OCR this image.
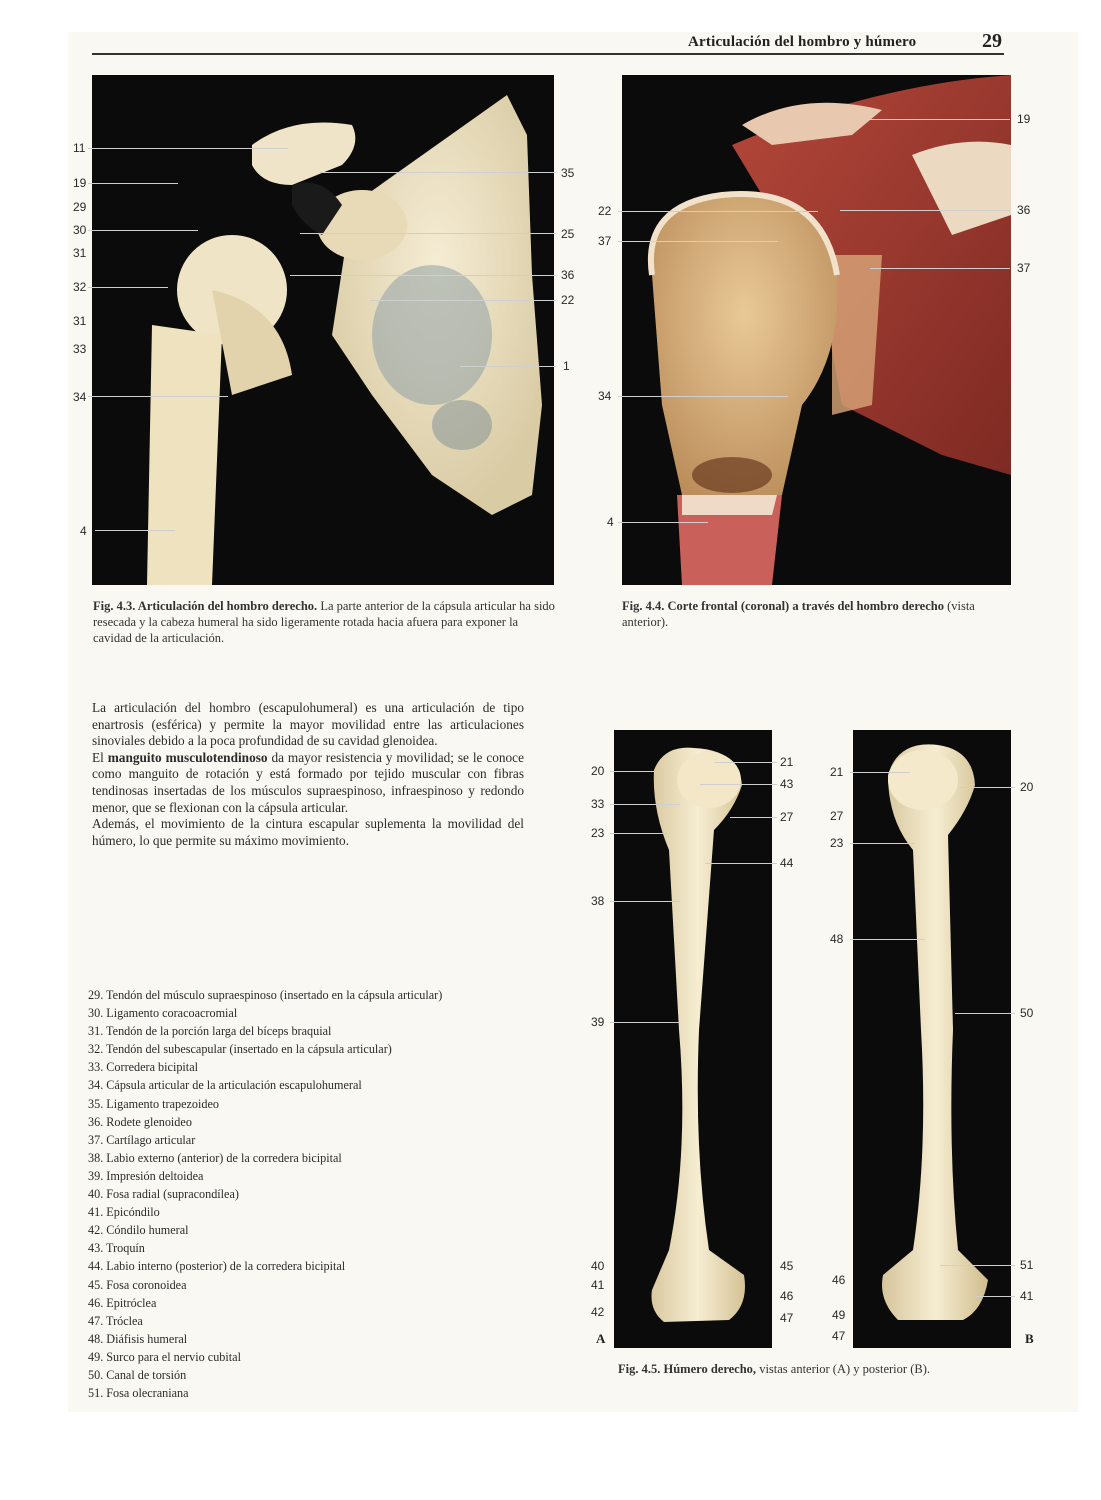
Articulación del hombro y húmero	29
11
19
29
30
31
32
31
33
34
4
35
25
36
22
1
Fig. 4.3. Articulación del hombro derecho. La parte anterior de la cápsula articular ha sido resecada y la cabeza humeral ha sido ligeramente rotada hacia afuera para exponer la cavidad de la articulación.
22
37
34
4
19
36
37
Fig. 4.4. Corte frontal (coronal) a través del hombro derecho (vista anterior).

La articulación del hombro (escapulohumeral) es una articulación de tipo enartrosis (esférica) y permite la mayor movilidad entre las articulaciones sinoviales debido a la poca profundidad de su cavidad glenoidea.

El manguito musculotendinoso da mayor resistencia y movilidad; se le conoce como manguito de rotación y está formado por tejido muscular con fibras tendinosas insertadas de los músculos supraespinoso, infraespinoso y redondo menor, que se flexionan con la cápsula articular.

Además, el movimiento de la cintura escapular suplementa la movilidad del húmero, lo que permite su máximo movimiento.

29. Tendón del músculo supraespinoso (insertado en la cápsula articular)
30. Ligamento coracoacromial
31. Tendón de la porción larga del bíceps braquial
32. Tendón del subescapular (insertado en la cápsula articular)
33. Corredera bicipital
34. Cápsula articular de la articulación escapulohumeral
35. Ligamento trapezoideo
36. Rodete glenoideo
37. Cartílago articular
38. Labio externo (anterior) de la corredera bicipital
39. Impresión deltoidea
40. Fosa radial (supracondílea)
41. Epicóndilo
42. Cóndilo humeral
43. Troquín
44. Labio interno (posterior) de la corredera bicipital
45. Fosa coronoidea
46. Epitróclea
47. Tróclea
48. Diáfisis humeral
49. Surco para el nervio cubital
50. Canal de torsión
51. Fosa olecraniana
20
33
23
38
39
40
41
42
21
43
27
44
45
46
47
A
21
27
23
48
46
49
47
20
50
51
41
B
Fig. 4.5. Húmero derecho, vistas anterior (A) y posterior (B).
